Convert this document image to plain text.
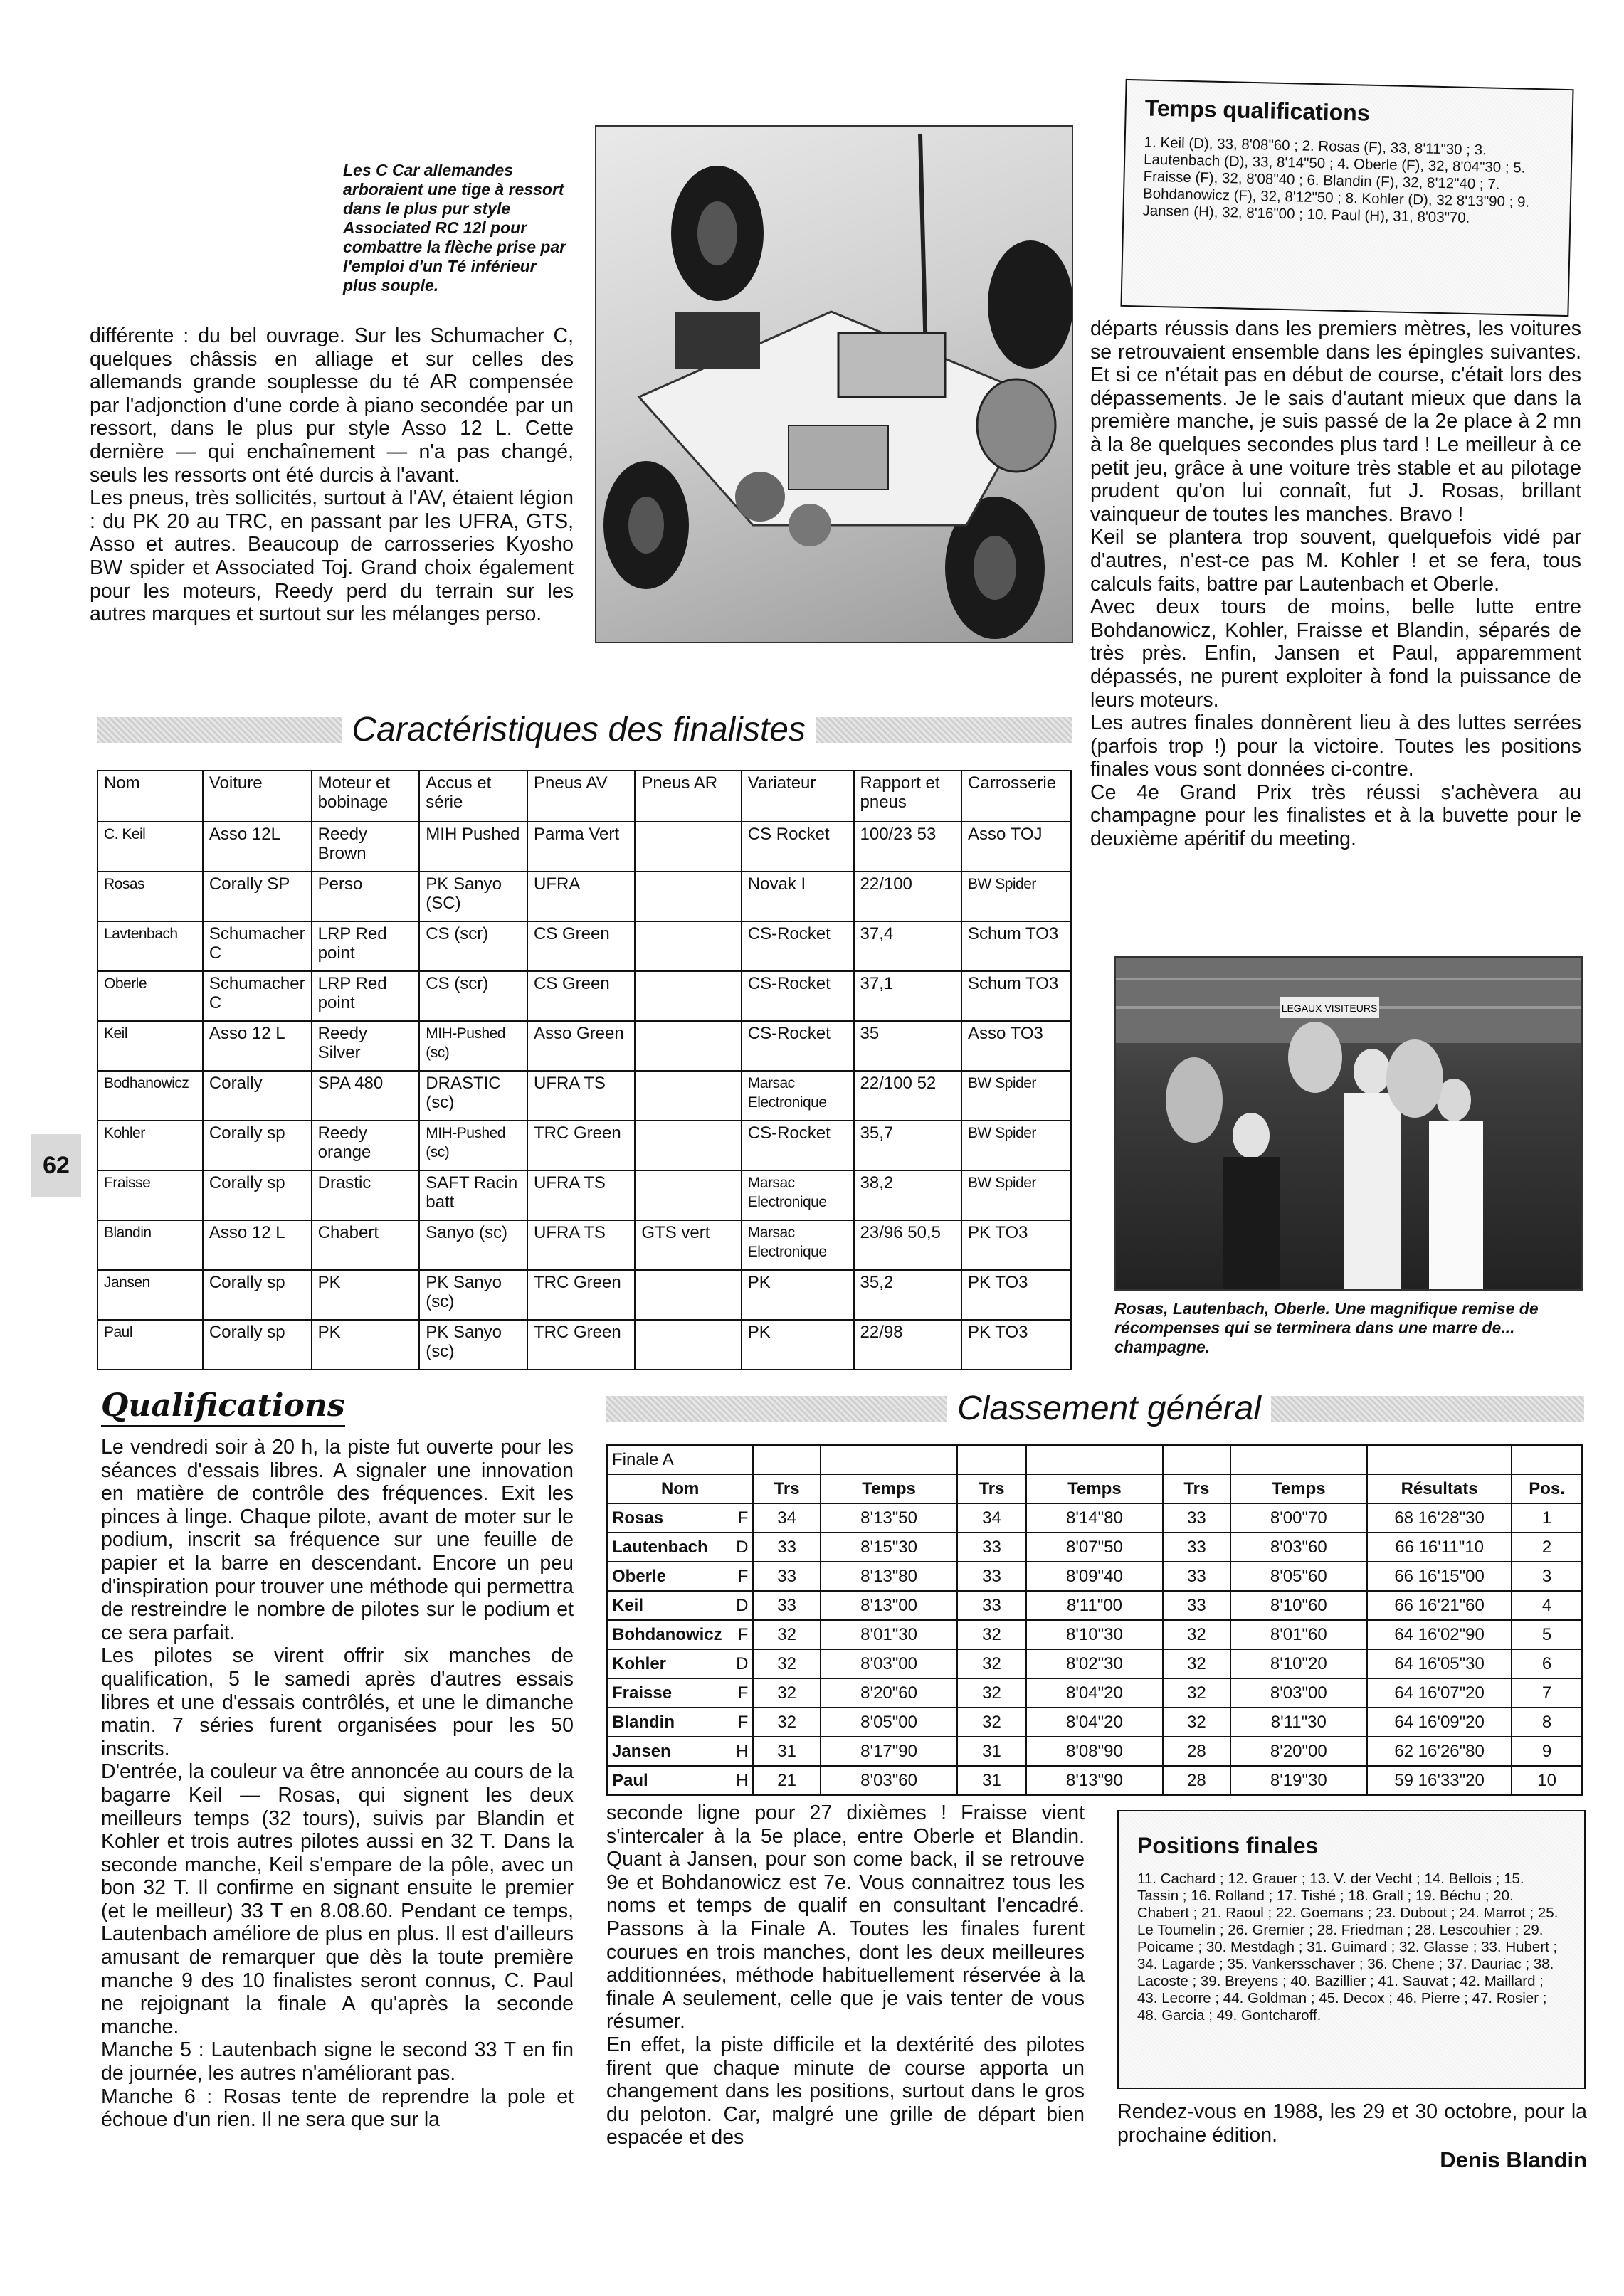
Les C Car allemandes arboraient une tige à ressort dans le plus pur style Associated RC 12l pour combattre la flèche prise par l'emploi d'un Té inférieur plus souple.
Temps qualifications
1. Keil (D), 33, 8'08"60 ; 2. Rosas (F), 33, 8'11"30 ; 3. Lautenbach (D), 33, 8'14"50 ; 4. Oberle (F), 32, 8'04"30 ; 5. Fraisse (F), 32, 8'08"40 ; 6. Blandin (F), 32, 8'12"40 ; 7. Bohdanowicz (F), 32, 8'12"50 ; 8. Kohler (D), 32 8'13"90 ; 9. Jansen (H), 32, 8'16"00 ; 10. Paul (H), 31, 8'03"70.

différente : du bel ouvrage. Sur les Schumacher C, quelques châssis en alliage et sur celles des allemands grande souplesse du té AR compensée par l'adjonction d'une corde à piano secondée par un ressort, dans le plus pur style Asso 12 L. Cette dernière — qui enchaînement — n'a pas changé, seuls les ressorts ont été durcis à l'avant.

Les pneus, très sollicités, surtout à l'AV, étaient légion : du PK 20 au TRC, en passant par les UFRA, GTS, Asso et autres. Beaucoup de carrosseries Kyosho BW spider et Associated Toj. Grand choix également pour les moteurs, Reedy perd du terrain sur les autres marques et surtout sur les mélanges perso.

départs réussis dans les premiers mètres, les voitures se retrouvaient ensemble dans les épingles suivantes. Et si ce n'était pas en début de course, c'était lors des dépassements. Je le sais d'autant mieux que dans la première manche, je suis passé de la 2e place à 2 mn à la 8e quelques secondes plus tard ! Le meilleur à ce petit jeu, grâce à une voiture très stable et au pilotage prudent qu'on lui connaît, fut J. Rosas, brillant vainqueur de toutes les manches. Bravo !

Keil se plantera trop souvent, quelquefois vidé par d'autres, n'est-ce pas M. Kohler ! et se fera, tous calculs faits, battre par Lautenbach et Oberle.

Avec deux tours de moins, belle lutte entre Bohdanowicz, Kohler, Fraisse et Blandin, séparés de très près. Enfin, Jansen et Paul, apparemment dépassés, ne purent exploiter à fond la puissance de leurs moteurs.

Les autres finales donnèrent lieu à des luttes serrées (parfois trop !) pour la victoire. Toutes les positions finales vous sont données ci-contre.

Ce 4e Grand Prix très réussi s'achèvera au champagne pour les finalistes et à la buvette pour le deuxième apéritif du meeting.

LEGAUX VISITEURS
Rosas, Lautenbach, Oberle. Une magnifique remise de récompenses qui se terminera dans une marre de... champagne.
Caractéristiques des finalistes
Nom	Voiture	Moteur et bobinage	Accus et série	Pneus AV	Pneus AR	Variateur	Rapport et pneus	Carrosserie
C. Keil	Asso 12L	Reedy Brown	MIH Pushed	Parma Vert		CS Rocket	100/23 53	Asso TOJ
Rosas	Corally SP	Perso	PK Sanyo (SC)	UFRA		Novak I	22/100	BW Spider
Lavtenbach	Schumacher C	LRP Red point	CS (scr)	CS Green		CS-Rocket	37,4	Schum TO3
Oberle	Schumacher C	LRP Red point	CS (scr)	CS Green		CS-Rocket	37,1	Schum TO3
Keil	Asso 12 L	Reedy Silver	MIH-Pushed (sc)	Asso Green		CS-Rocket	35	Asso TO3
Bodhanowicz	Corally	SPA 480	DRASTIC (sc)	UFRA TS		Marsac Electronique	22/100 52	BW Spider
Kohler	Corally sp	Reedy orange	MIH-Pushed (sc)	TRC Green		CS-Rocket	35,7	BW Spider
Fraisse	Corally sp	Drastic	SAFT Racin batt	UFRA TS		Marsac Electronique	38,2	BW Spider
Blandin	Asso 12 L	Chabert	Sanyo (sc)	UFRA TS	GTS vert	Marsac Electronique	23/96 50,5	PK TO3
Jansen	Corally sp	PK	PK Sanyo (sc)	TRC Green		PK	35,2	PK TO3
Paul	Corally sp	PK	PK Sanyo (sc)	TRC Green		PK	22/98	PK TO3
62
Qualifications

Le vendredi soir à 20 h, la piste fut ouverte pour les séances d'essais libres. A signaler une innovation en matière de contrôle des fréquences. Exit les pinces à linge. Chaque pilote, avant de moter sur le podium, inscrit sa fréquence sur une feuille de papier et la barre en descendant. Encore un peu d'inspiration pour trouver une méthode qui permettra de restreindre le nombre de pilotes sur le podium et ce sera parfait.

Les pilotes se virent offrir six manches de qualification, 5 le samedi après d'autres essais libres et une d'essais contrôlés, et une le dimanche matin. 7 séries furent organisées pour les 50 inscrits.

D'entrée, la couleur va être annoncée au cours de la bagarre Keil — Rosas, qui signent les deux meilleurs temps (32 tours), suivis par Blandin et Kohler et trois autres pilotes aussi en 32 T. Dans la seconde manche, Keil s'empare de la pôle, avec un bon 32 T. Il confirme en signant ensuite le premier (et le meilleur) 33 T en 8.08.60. Pendant ce temps, Lautenbach améliore de plus en plus. Il est d'ailleurs amusant de remarquer que dès la toute première manche 9 des 10 finalistes seront connus, C. Paul ne rejoignant la finale A qu'après la seconde manche.

Manche 5 : Lautenbach signe le second 33 T en fin de journée, les autres n'améliorant pas.

Manche 6 : Rosas tente de reprendre la pole et échoue d'un rien. Il ne sera que sur la

Classement général
Finale A									
Nom		Trs	Temps	Trs	Temps	Trs	Temps	Résultats	Pos.
Rosas	F	34	8'13"50	34	8'14"80	33	8'00"70	68 16'28"30	1
Lautenbach	D	33	8'15"30	33	8'07"50	33	8'03"60	66 16'11"10	2
Oberle	F	33	8'13"80	33	8'09"40	33	8'05"60	66 16'15"00	3
Keil	D	33	8'13"00	33	8'11"00	33	8'10"60	66 16'21"60	4
Bohdanowicz	F	32	8'01"30	32	8'10"30	32	8'01"60	64 16'02"90	5
Kohler	D	32	8'03"00	32	8'02"30	32	8'10"20	64 16'05"30	6
Fraisse	F	32	8'20"60	32	8'04"20	32	8'03"00	64 16'07"20	7
Blandin	F	32	8'05"00	32	8'04"20	32	8'11"30	64 16'09"20	8
Jansen	H	31	8'17"90	31	8'08"90	28	8'20"00	62 16'26"80	9
Paul	H	21	8'03"60	31	8'13"90	28	8'19"30	59 16'33"20	10

seconde ligne pour 27 dixièmes ! Fraisse vient s'intercaler à la 5e place, entre Oberle et Blandin. Quant à Jansen, pour son come back, il se retrouve 9e et Bohdanowicz est 7e. Vous connaitrez tous les noms et temps de qualif en consultant l'encadré. Passons à la Finale A. Toutes les finales furent courues en trois manches, dont les deux meilleures additionnées, méthode habituellement réservée à la finale A seulement, celle que je vais tenter de vous résumer.

En effet, la piste difficile et la dextérité des pilotes firent que chaque minute de course apporta un changement dans les positions, surtout dans le gros du peloton. Car, malgré une grille de départ bien espacée et des

Positions finales
11. Cachard ; 12. Grauer ; 13. V. der Vecht ; 14. Bellois ; 15. Tassin ; 16. Rolland ; 17. Tishé ; 18. Grall ; 19. Béchu ; 20. Chabert ; 21. Raoul ; 22. Goemans ; 23. Dubout ; 24. Marrot ; 25. Le Toumelin ; 26. Gremier ; 28. Friedman ; 28. Lescouhier ; 29. Poicame ; 30. Mestdagh ; 31. Guimard ; 32. Glasse ; 33. Hubert ; 34. Lagarde ; 35. Vankersschaver ; 36. Chene ; 37. Dauriac ; 38. Lacoste ; 39. Breyens ; 40. Bazillier ; 41. Sauvat ; 42. Maillard ; 43. Lecorre ; 44. Goldman ; 45. Decox ; 46. Pierre ; 47. Rosier ; 48. Garcia ; 49. Gontcharoff.
Rendez-vous en 1988, les 29 et 30 octobre, pour la prochaine édition.
Denis Blandin
